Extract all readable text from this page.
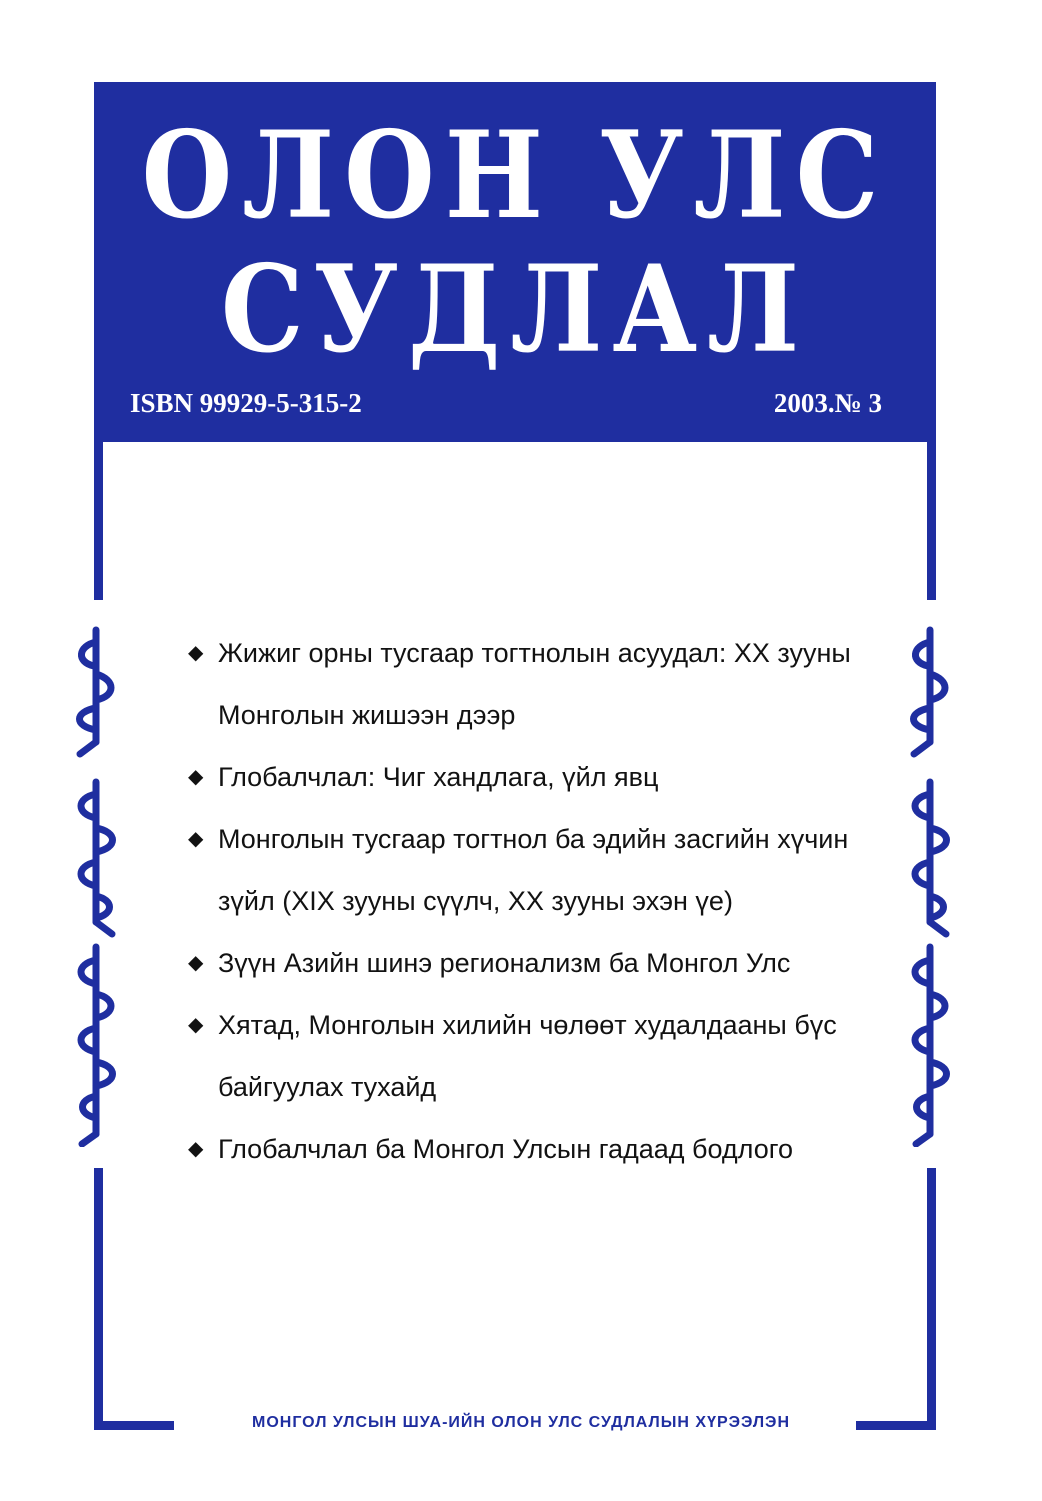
ОЛОН УЛС
СУДЛАЛ
ISBN 99929-5-315-2	2003.№ 3
◆ Жижиг орны тусгаар тогтнолын асуудал: XX зууны Монголын жишээн дээр
◆ Глобалчлал: Чиг хандлага, үйл явц
◆ Монголын тусгаар тогтнол ба эдийн засгийн хүчин зүйл (XIX зууны сүүлч, XX зууны эхэн үе)
◆ Зүүн Азийн шинэ регионализм ба Монгол Улс
◆ Хятад, Монголын хилийн чөлөөт худалдааны бүс байгуулах тухайд
◆ Глобалчлал ба Монгол Улсын гадаад бодлого
МОНГОЛ УЛСЫН ШУА-ИЙН ОЛОН УЛС СУДЛАЛЫН ХҮРЭЭЛЭН
